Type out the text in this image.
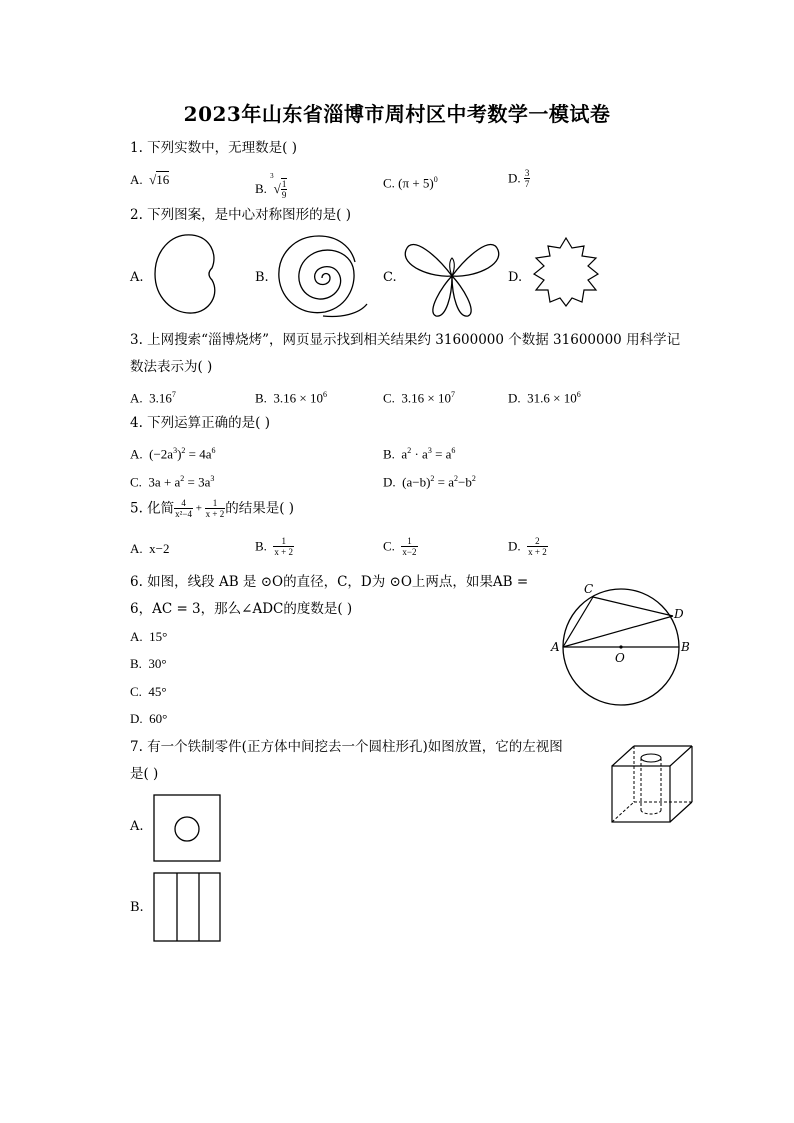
2023年山东省淄博市周村区中考数学一模试卷
1. 下列实数中，无理数是( )
A. √16
B. $^3√ \frac{1}{9}$	C. $(\pi + 5)^0$	D. $\frac{3}{7}$
2. 下列图案，是中心对称图形的是( )
A.	B.	C.	D.
3. 上网搜索“淄博烧烤”，网页显示找到相关结果约 31600000 个数据 31600000 用科学记
数法表示为( )
A. 3.16$^7$	B. $3.16 \times 10^6$	C. $3.16 \times 10^7$	D. $31.6 \times 10^6$
4. 下列运算正确的是( )
A. $(-2a^3)^2 = 4a^6$	B. $a^2 \cdot a^3 = a^6$
C. $3a + a^2 = 3a^3$	D. $(a-b)^2 = a^2-b^2$
5. 化简 $\frac{4}{\text{x²−4}} + \frac{1}{x + 2}$ 的结果是( )
A. x−2	B. $\frac{1}{x + 2}$	C. $\frac{1}{x-2}$	D. $\frac{2}{x + 2}$
6. 如图，线段 AB 是 ⊙O的直径，C，D为 ⊙O上两点，如果AB =
6，AC = 3，那么∠ADC的度数是( )
A. 15°
B. 30°
C. 45°
D. 60°
A	B
C
D
O
7. 有一个铁制零件(正方体中间挖去一个圆柱形孔)如图放置，它的左视图
是( )
A.
B.
